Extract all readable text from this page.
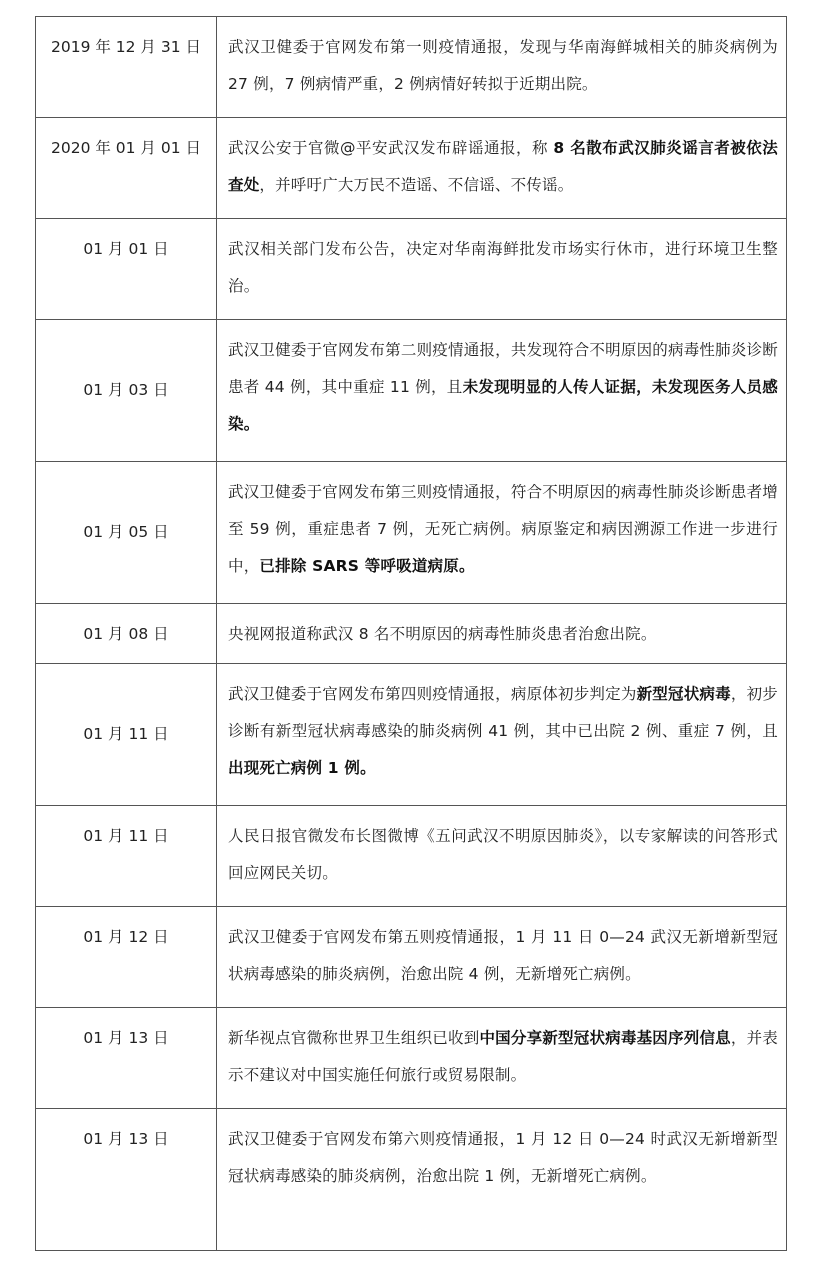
2019 年 12 月 31 日	武汉卫健委于官网发布第一则疫情通报，发现与华南海鲜城相关的肺炎病例为 27 例，7 例病情严重，2 例病情好转拟于近期出院。
2020 年 01 月 01 日	武汉公安于官微@平安武汉发布辟谣通报，称 8 名散布武汉肺炎谣言者被依法查处，并呼吁广大万民不造谣、不信谣、不传谣。
01 月 01 日	武汉相关部门发布公告，决定对华南海鲜批发市场实行休市，进行环境卫生整治。
01 月 03 日	武汉卫健委于官网发布第二则疫情通报，共发现符合不明原因的病毒性肺炎诊断患者 44 例，其中重症 11 例，且未发现明显的人传人证据，未发现医务人员感染。
01 月 05 日	武汉卫健委于官网发布第三则疫情通报，符合不明原因的病毒性肺炎诊断患者增至 59 例，重症患者 7 例，无死亡病例。病原鉴定和病因溯源工作进一步进行中，已排除 SARS 等呼吸道病原。
01 月 08 日	央视网报道称武汉 8 名不明原因的病毒性肺炎患者治愈出院。
01 月 11 日	武汉卫健委于官网发布第四则疫情通报，病原体初步判定为新型冠状病毒，初步诊断有新型冠状病毒感染的肺炎病例 41 例，其中已出院 2 例、重症 7 例，且出现死亡病例 1 例。
01 月 11 日	人民日报官微发布长图微博《五问武汉不明原因肺炎》，以专家解读的问答形式回应网民关切。
01 月 12 日	武汉卫健委于官网发布第五则疫情通报，1 月 11 日 0—24 武汉无新增新型冠状病毒感染的肺炎病例，治愈出院 4 例，无新增死亡病例。
01 月 13 日	新华视点官微称世界卫生组织已收到中国分享新型冠状病毒基因序列信息，并表示不建议对中国实施任何旅行或贸易限制。
01 月 13 日	武汉卫健委于官网发布第六则疫情通报，1 月 12 日 0—24 时武汉无新增新型冠状病毒感染的肺炎病例，治愈出院 1 例，无新增死亡病例。
